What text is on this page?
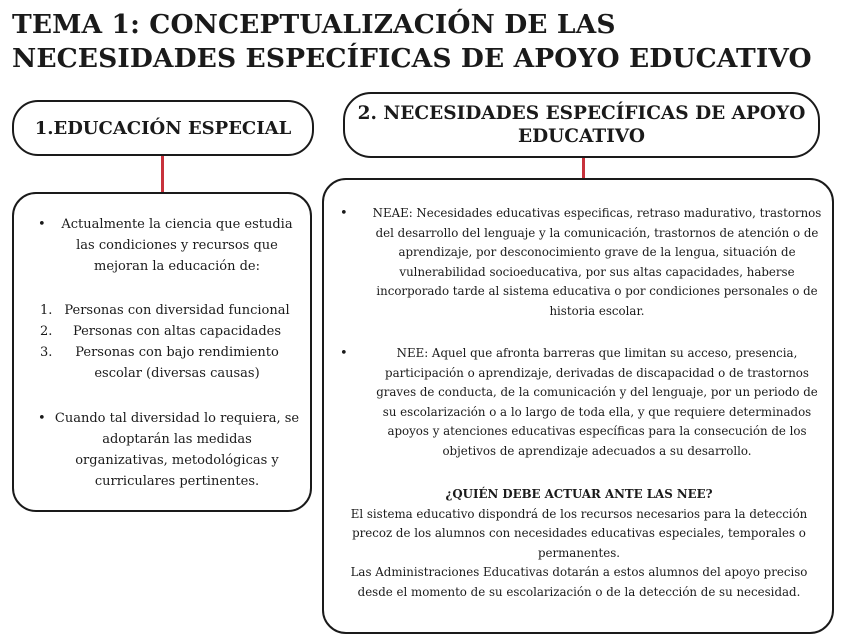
TEMA 1: CONCEPTUALIZACIÓN DE LAS
NECESIDADES ESPECÍFICAS DE APOYO EDUCATIVO
1.EDUCACIÓN ESPECIAL
•	Actualmente la ciencia que estudia las condiciones y recursos que mejoran la educación de:
1. Personas con diversidad funcional
2.	Personas con altas capacidades
3.	Personas con bajo rendimiento escolar (diversas causas)
• Cuando tal diversidad lo requiera, se adoptarán las medidas organizativas, metodológicas y curriculares pertinentes.
2. NECESIDADES ESPECÍFICAS DE APOYO EDUCATIVO
•	NEAE: Necesidades educativas especificas, retraso madurativo, trastornos del desarrollo del lenguaje y la comunicación, trastornos de atención o de aprendizaje, por desconocimiento grave de la lengua, situación de vulnerabilidad socioeducativa, por sus altas capacidades, haberse incorporado tarde al sistema educativa o por condiciones personales o de historia escolar.
•	NEE: Aquel que afronta barreras que limitan su acceso, presencia, participación o aprendizaje, derivadas de discapacidad o de trastornos graves de conducta, de la comunicación y del lenguaje, por un periodo de su escolarización o a lo largo de toda ella, y que requiere determinados apoyos y atenciones educativas específicas para la consecución de los objetivos de aprendizaje adecuados a su desarrollo.
¿QUIÉN DEBE ACTUAR ANTE LAS NEE?
El sistema educativo dispondrá de los recursos necesarios para la detección precoz de los alumnos con necesidades educativas especiales, temporales o permanentes.
Las Administraciones Educativas dotarán a estos alumnos del apoyo preciso desde el momento de su escolarización o de la detección de su necesidad.
